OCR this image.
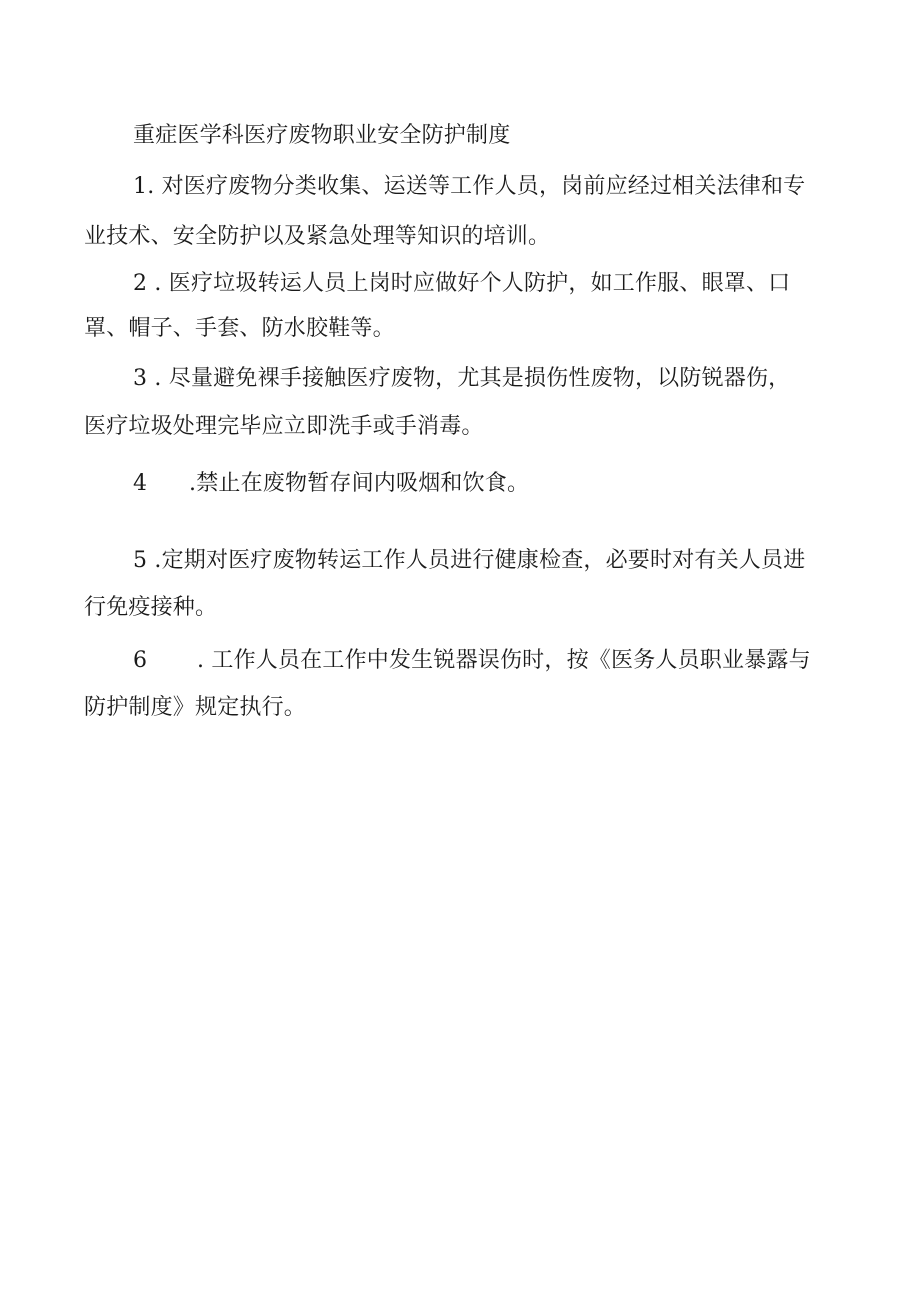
重症医学科医疗废物职业安全防护制度
1. 对医疗废物分类收集、运送等工作人员，岗前应经过相关法律和专
业技术、安全防护以及紧急处理等知识的培训。
2 . 医疗垃圾转运人员上岗时应做好个人防护，如工作服、眼罩、口
罩、帽子、手套、防水胶鞋等。
3 . 尽量避免裸手接触医疗废物，尤其是损伤性废物，以防锐器伤，
医疗垃圾处理完毕应立即洗手或手消毒。
4 .禁止在废物暂存间内吸烟和饮食。
5 .定期对医疗废物转运工作人员进行健康检查，必要时对有关人员进
行免疫接种。
6 . 工作人员在工作中发生锐器误伤时，按《医务人员职业暴露与
防护制度》规定执行。
